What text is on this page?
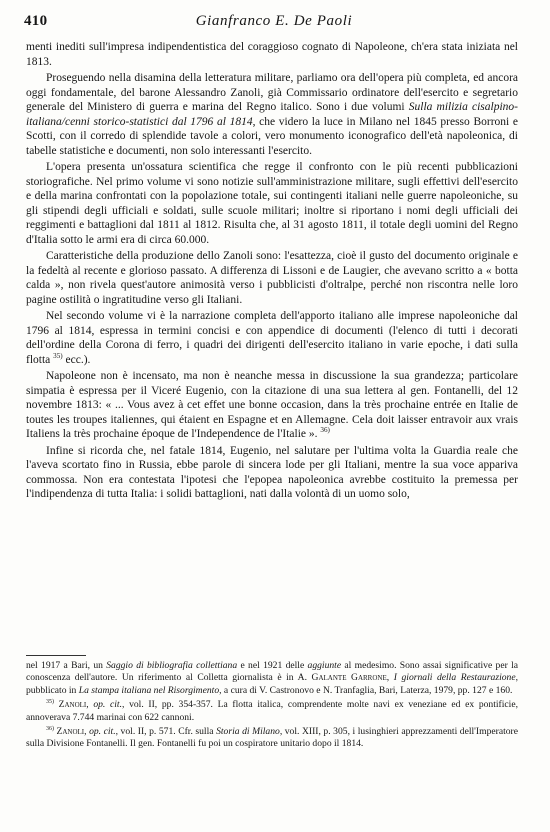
410	Gianfranco E. De Paoli

menti inediti sull'impresa indipendentistica del coraggioso cognato di Napoleone, ch'era stata iniziata nel 1813.

Proseguendo nella disamina della letteratura militare, parliamo ora dell'opera più completa, ed ancora oggi fondamentale, del barone Alessandro Zanoli, già Commissario ordinatore dell'esercito e segretario generale del Ministero di guerra e marina del Regno italico. Sono i due volumi Sulla milizia cisalpino-italiana/cenni storico-statistici dal 1796 al 1814, che videro la luce in Milano nel 1845 presso Borroni e Scotti, con il corredo di splendide tavole a colori, vero monumento iconografico dell'età napoleonica, di tabelle statistiche e documenti, non solo interessanti l'esercito.

L'opera presenta un'ossatura scientifica che regge il confronto con le più recenti pubblicazioni storiografiche. Nel primo volume vi sono notizie sull'amministrazione militare, sugli effettivi dell'esercito e della marina confrontati con la popolazione totale, sui contingenti italiani nelle guerre napoleoniche, su gli stipendi degli ufficiali e soldati, sulle scuole militari; inoltre si riportano i nomi degli ufficiali dei reggimenti e battaglioni dal 1811 al 1812. Risulta che, al 31 agosto 1811, il totale degli uomini del Regno d'Italia sotto le armi era di circa 60.000.

Caratteristiche della produzione dello Zanoli sono: l'esattezza, cioè il gusto del documento originale e la fedeltà al recente e glorioso passato. A differenza di Lissoni e de Laugier, che avevano scritto a « botta calda », non rivela quest'autore animosità verso i pubblicisti d'oltralpe, perché non riscontra nelle loro pagine ostilità o ingratitudine verso gli Italiani.

Nel secondo volume vi è la narrazione completa dell'apporto italiano alle imprese napoleoniche dal 1796 al 1814, espressa in termini concisi e con appendice di documenti (l'elenco di tutti i decorati dell'ordine della Corona di ferro, i quadri dei dirigenti dell'esercito italiano in varie epoche, i dati sulla flotta $^{35)}$ ecc.).

Napoleone non è incensato, ma non è neanche messa in discussione la sua grandezza; particolare simpatia è espressa per il Viceré Eugenio, con la citazione di una sua lettera al gen. Fontanelli, del 12 novembre 1813: « ... Vous avez à cet effet une bonne occasion, dans la très prochaine entrée en Italie de toutes les troupes italiennes, qui étaient en Espagne et en Allemagne. Cela doit laisser entravoir aux vrais Italiens la très prochaine époque de l'Independence de l'Italie ». $^{36)}$

Infine si ricorda che, nel fatale 1814, Eugenio, nel salutare per l'ultima volta la Guardia reale che l'aveva scortato fino in Russia, ebbe parole di sincera lode per gli Italiani, mentre la sua voce appariva commossa. Non era contestata l'ipotesi che l'epopea napoleonica avrebbe costituito la premessa per l'indipendenza di tutta Italia: i solidi battaglioni, nati dalla volontà di un uomo solo,

nel 1917 a Bari, un Saggio di bibliografia collettiana e nel 1921 delle aggiunte al medesimo. Sono assai significative per la conoscenza dell'autore. Un riferimento al Colletta giornalista è in A. Galante Garrone, I giornali della Restaurazione, pubblicato in La stampa italiana nel Risorgimento, a cura di V. Castronovo e N. Tranfaglia, Bari, Laterza, 1979, pp. 127 e 160.

$^{35)}$ Zanoli, op. cit., vol. II, pp. 354-357. La flotta italica, comprendente molte navi ex veneziane ed ex pontificie, annoverava 7.744 marinai con 622 cannoni.

$^{36)}$ Zanoli, op. cit., vol. II, p. 571. Cfr. sulla Storia di Milano, vol. XIII, p. 305, i lusinghieri apprezzamenti dell'Imperatore sulla Divisione Fontanelli. Il gen. Fontanelli fu poi un cospiratore unitario dopo il 1814.
